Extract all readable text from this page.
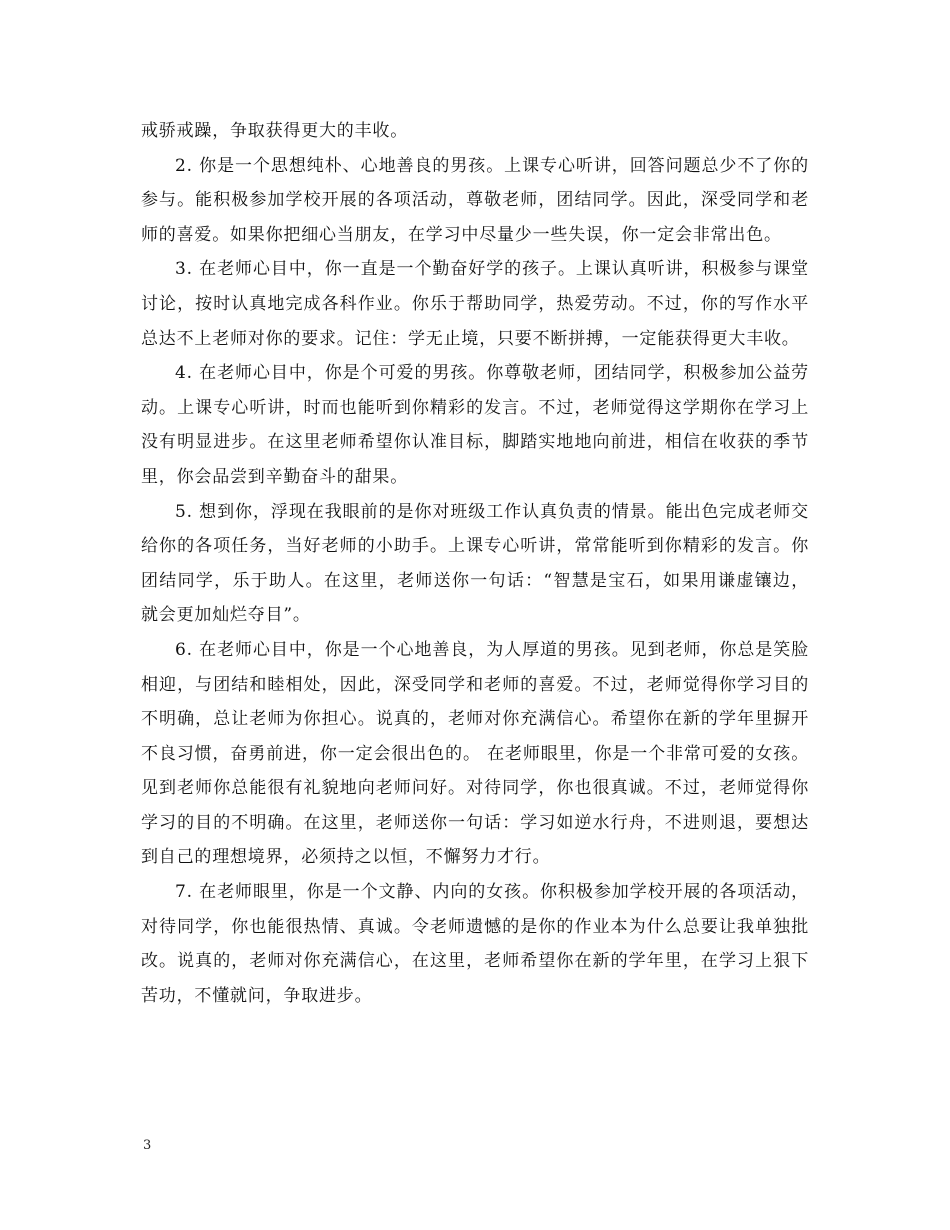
戒骄戒躁，争取获得更大的丰收。

2. 你是一个思想纯朴、心地善良的男孩。上课专心听讲，回答问题总少不了你的参与。能积极参加学校开展的各项活动，尊敬老师，团结同学。因此，深受同学和老师的喜爱。如果你把细心当朋友，在学习中尽量少一些失误，你一定会非常出色。

3. 在老师心目中，你一直是一个勤奋好学的孩子。上课认真听讲，积极参与课堂讨论，按时认真地完成各科作业。你乐于帮助同学，热爱劳动。不过，你的写作水平总达不上老师对你的要求。记住：学无止境，只要不断拼搏，一定能获得更大丰收。

4. 在老师心目中，你是个可爱的男孩。你尊敬老师，团结同学，积极参加公益劳动。上课专心听讲，时而也能听到你精彩的发言。不过，老师觉得这学期你在学习上没有明显进步。在这里老师希望你认准目标，脚踏实地地向前进，相信在收获的季节里，你会品尝到辛勤奋斗的甜果。

5. 想到你，浮现在我眼前的是你对班级工作认真负责的情景。能出色完成老师交给你的各项任务，当好老师的小助手。上课专心听讲，常常能听到你精彩的发言。你团结同学，乐于助人。在这里，老师送你一句话：“智慧是宝石，如果用谦虚镶边，就会更加灿烂夺目”。

6. 在老师心目中，你是一个心地善良，为人厚道的男孩。见到老师，你总是笑脸相迎，与团结和睦相处，因此，深受同学和老师的喜爱。不过，老师觉得你学习目的不明确，总让老师为你担心。说真的，老师对你充满信心。希望你在新的学年里摒开不良习惯，奋勇前进，你一定会很出色的。 在老师眼里，你是一个非常可爱的女孩。见到老师你总能很有礼貌地向老师问好。对待同学，你也很真诚。不过，老师觉得你学习的目的不明确。在这里，老师送你一句话：学习如逆水行舟，不进则退，要想达到自己的理想境界，必须持之以恒，不懈努力才行。

7. 在老师眼里，你是一个文静、内向的女孩。你积极参加学校开展的各项活动，对待同学，你也能很热情、真诚。令老师遗憾的是你的作业本为什么总要让我单独批改。说真的，老师对你充满信心，在这里，老师希望你在新的学年里，在学习上狠下苦功，不懂就问，争取进步。

3
